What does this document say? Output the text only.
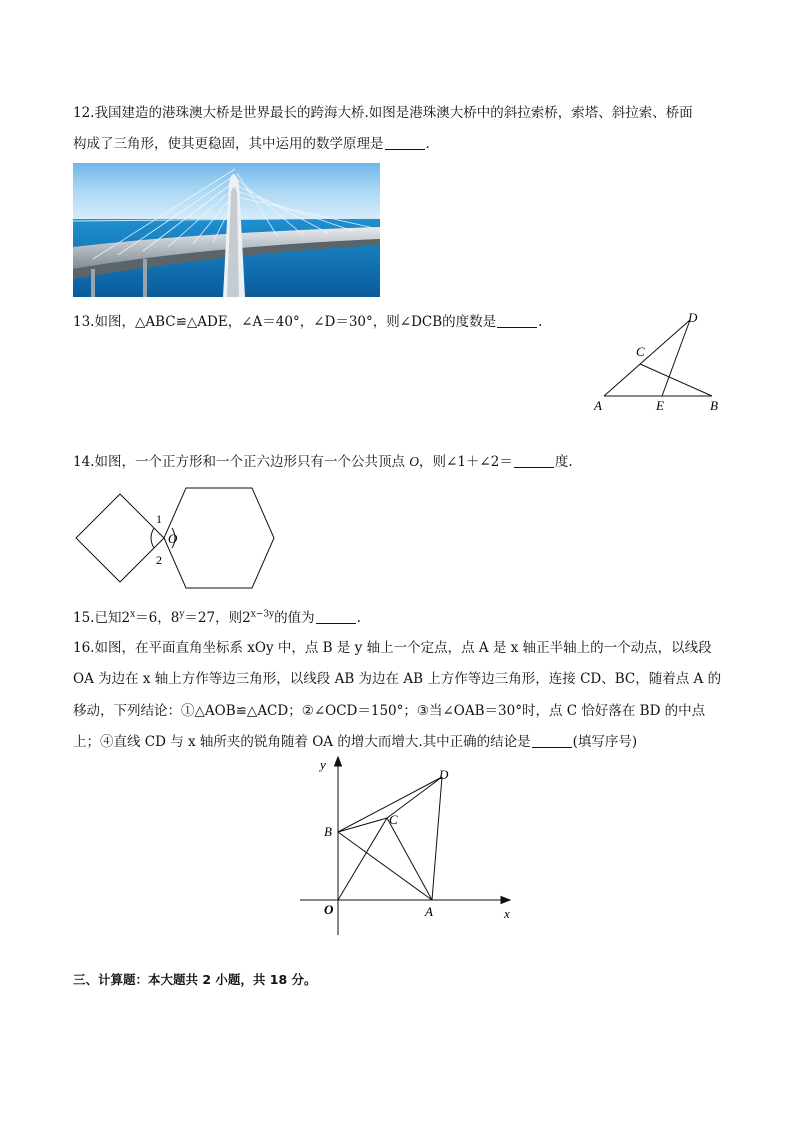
12.我国建造的港珠澳大桥是世界最长的跨海大桥.如图是港珠澳大桥中的斜拉索桥，索塔、斜拉索、桥面
构成了三角形，使其更稳固，其中运用的数学原理是	.
13.如图，△ABC≌△ADE，∠A＝40°，∠D＝30°，则∠DCB的度数是	.
A	E	B
C
D
14.如图，一个正方形和一个正六边形只有一个公共顶点 O，则∠1＋∠2＝	度.
1
2
O
15.已知$2^x=6$，$8^y=27$，则$2^{x-3y}$的值为	.
16.如图，在平面直角坐标系 xOy 中，点 B 是 y 轴上一个定点，点 A 是 x 轴正半轴上的一个动点，以线段
OA 为边在 x 轴上方作等边三角形，以线段 AB 为边在 AB 上方作等边三角形，连接 CD、BC，随着点 A 的
移动，下列结论：①△AOB≌△ACD；②∠OCD＝150°；③当∠OAB＝30°时，点 C 恰好落在 BD 的中点
上；④直线 CD 与 x 轴所夹的锐角随着 OA 的增大而增大.其中正确的结论是	(填写序号)
y
x
O	A
B
C
D
三、计算题：本大题共 2 小题，共 18 分。
